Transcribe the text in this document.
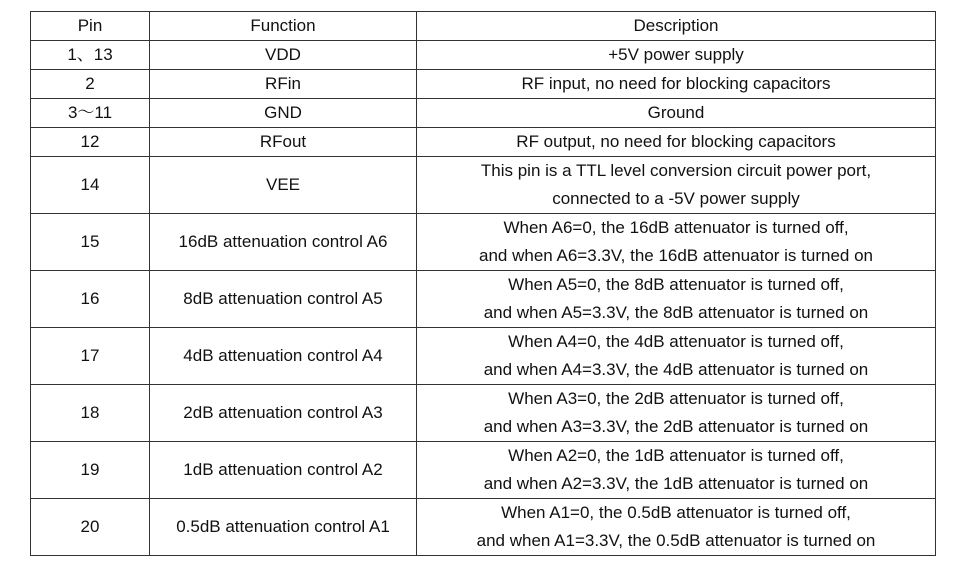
Pin	Function	Description
1、13	VDD	+5V power supply

2	RFin	RF input, no need for blocking capacitors

3～11	GND	Ground

12	RFout	RF output, no need for blocking capacitors

14	VEE	This pin is a TTL level conversion circuit power port,
connected to a -5V power supply

15	16dB attenuation control A6	When A6=0, the 16dB attenuator is turned off,
and when A6=3.3V, the 16dB attenuator is turned on

16	8dB attenuation control A5	When A5=0, the 8dB attenuator is turned off,
and when A5=3.3V, the 8dB attenuator is turned on

17	4dB attenuation control A4	When A4=0, the 4dB attenuator is turned off,
and when A4=3.3V, the 4dB attenuator is turned on

18	2dB attenuation control A3	When A3=0, the 2dB attenuator is turned off,
and when A3=3.3V, the 2dB attenuator is turned on

19	1dB attenuation control A2	When A2=0, the 1dB attenuator is turned off,
and when A2=3.3V, the 1dB attenuator is turned on

20	0.5dB attenuation control A1	When A1=0, the 0.5dB attenuator is turned off,
and when A1=3.3V, the 0.5dB attenuator is turned on
